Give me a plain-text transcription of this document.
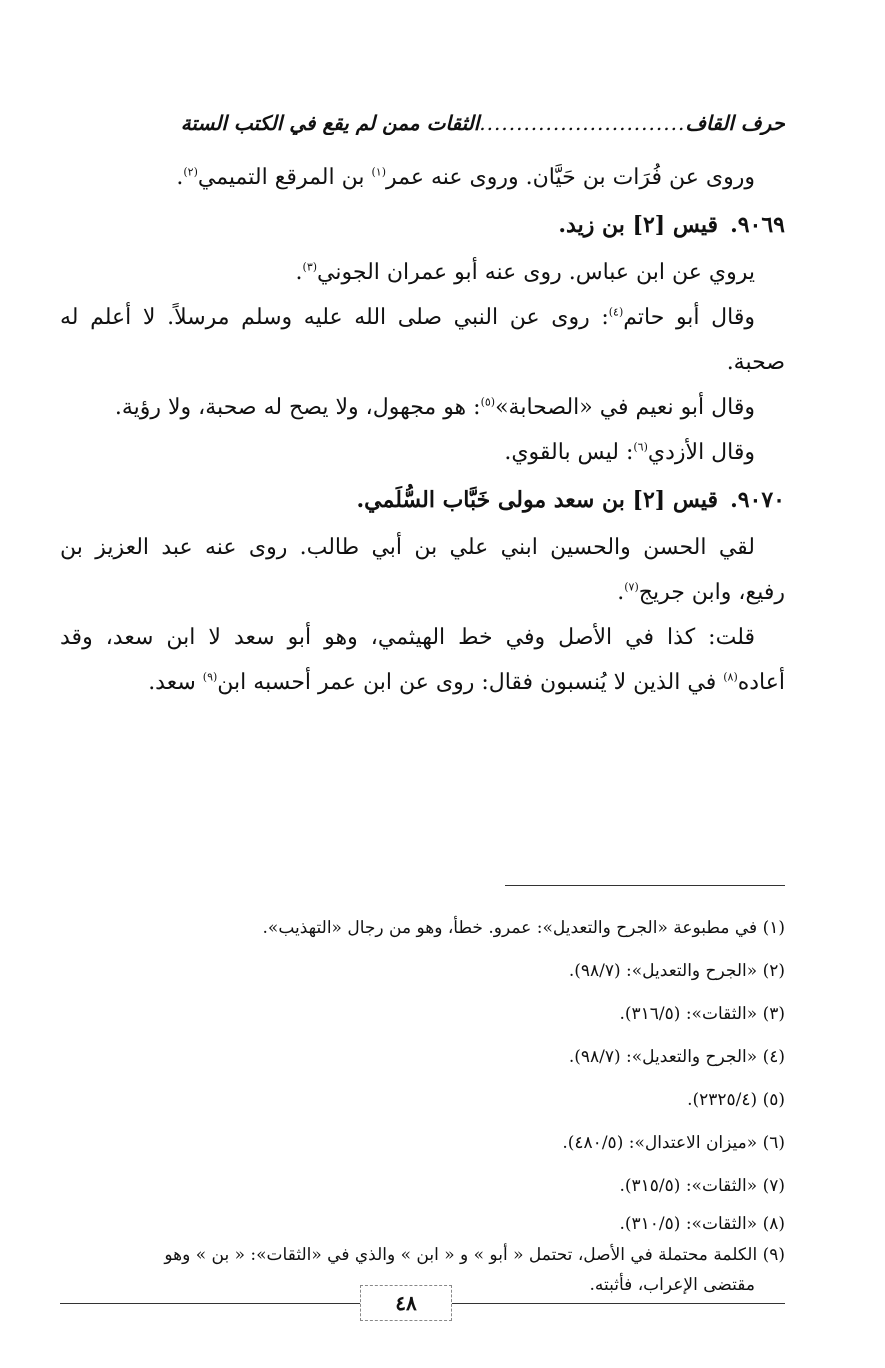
حرف القاف
............................
الثقات ممن لم يقع في الكتب الستة
وروى عن فُرَات بن حَيَّان. وروى عنه عمر$^{(١)}$ بن المرقع التميمي$^{(٢)}$.
٩٠٦٩.قيس [٢] بن زيد.
يروي عن ابن عباس. روى عنه أبو عمران الجوني$^{(٣)}$.
وقال أبو حاتم$^{(٤)}$: روى عن النبي صلى الله عليه وسلم مرسلاً. لا أعلم له
صحبة.
وقال أبو نعيم في «الصحابة»$^{(٥)}$: هو مجهول، ولا يصح له صحبة، ولا رؤية.
وقال الأزدي$^{(٦)}$: ليس بالقوي.
٩٠٧٠.قيس [٢] بن سعد مولى خَبَّاب السُّلَمي.
لقي الحسن والحسين ابني علي بن أبي طالب. روى عنه عبد العزيز بن
رفيع، وابن جريج$^{(٧)}$.
قلت: كذا في الأصل وفي خط الهيثمي، وهو أبو سعد لا ابن سعد، وقد
أعاده$^{(٨)}$ في الذين لا يُنسبون فقال: روى عن ابن عمر أحسبه ابن$^{(٩)}$ سعد.
(١) في مطبوعة «الجرح والتعديل»: عمرو. خطأ، وهو من رجال «التهذيب».
(٢) «الجرح والتعديل»: (٩٨/٧).
(٣) «الثقات»: (٣١٦/٥).
(٤) «الجرح والتعديل»: (٩٨/٧).
(٥) (٢٣٢٥/٤).
(٦) «ميزان الاعتدال»: (٤٨٠/٥).
(٧) «الثقات»: (٣١٥/٥).
(٨) «الثقات»: (٣١٠/٥).
(٩) الكلمة محتملة في الأصل، تحتمل « أبو » و « ابن » والذي في «الثقات»: « بن » وهو
مقتضى الإعراب، فأثبته.
٤٨
